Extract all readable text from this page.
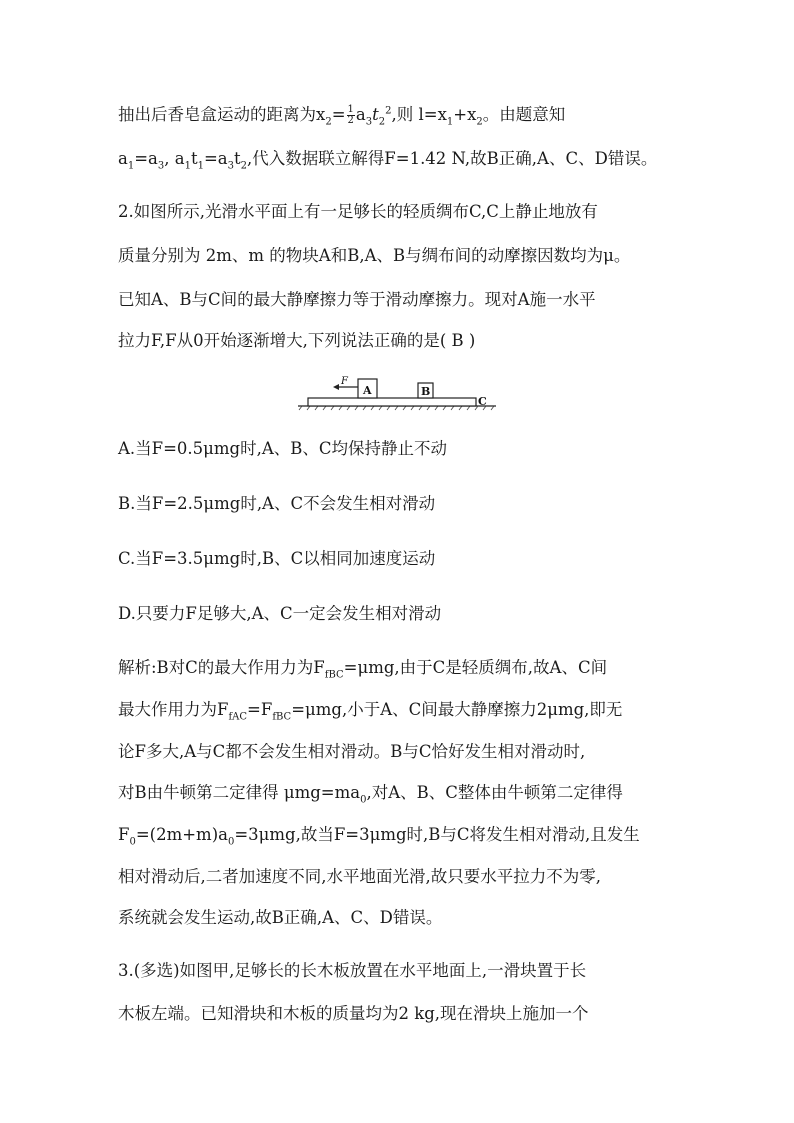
抽出后香皂盒运动的距离为$x_2= \frac{1}{2} a_3t_2^2$,则 $l=x_1+x_2$。由题意知
$a_1=a_3$, $a_1t_1=a_3t_2$,代入数据联立解得F=1.42 N,故B正确,A、C、D错误。
2.如图所示,光滑水平面上有一足够长的轻质绸布C,C上静止地放有
质量分别为 2m、m 的物块A和B,A、B与绸布间的动摩擦因数均为μ。
已知A、B与C间的最大静摩擦力等于滑动摩擦力。现对A施一水平
拉力F,F从0开始逐渐增大,下列说法正确的是( B )
F
A	B
C
A.当F=0.5μmg时,A、B、C均保持静止不动
B.当F=2.5μmg时,A、C不会发生相对滑动
C.当F=3.5μmg时,B、C以相同加速度运动
D.只要力F足够大,A、C一定会发生相对滑动
解析:B对C的最大作用力为$F_{fBC}=\mu mg$,由于C是轻质绸布,故A、C间
最大作用力为$F_{fAC}=F_{fBC}=\mu mg$,小于A、C间最大静摩擦力2μmg,即无
论F多大,A与C都不会发生相对滑动。B与C恰好发生相对滑动时,
对B由牛顿第二定律得 $\mu mg=ma_0$,对A、B、C整体由牛顿第二定律得
$F_0=(2m+m)a_0=3\mu mg$,故当F=3μmg时,B与C将发生相对滑动,且发生
相对滑动后,二者加速度不同,水平地面光滑,故只要水平拉力不为零,
系统就会发生运动,故B正确,A、C、D错误。
3.(多选)如图甲,足够长的长木板放置在水平地面上,一滑块置于长
木板左端。已知滑块和木板的质量均为2 kg,现在滑块上施加一个
